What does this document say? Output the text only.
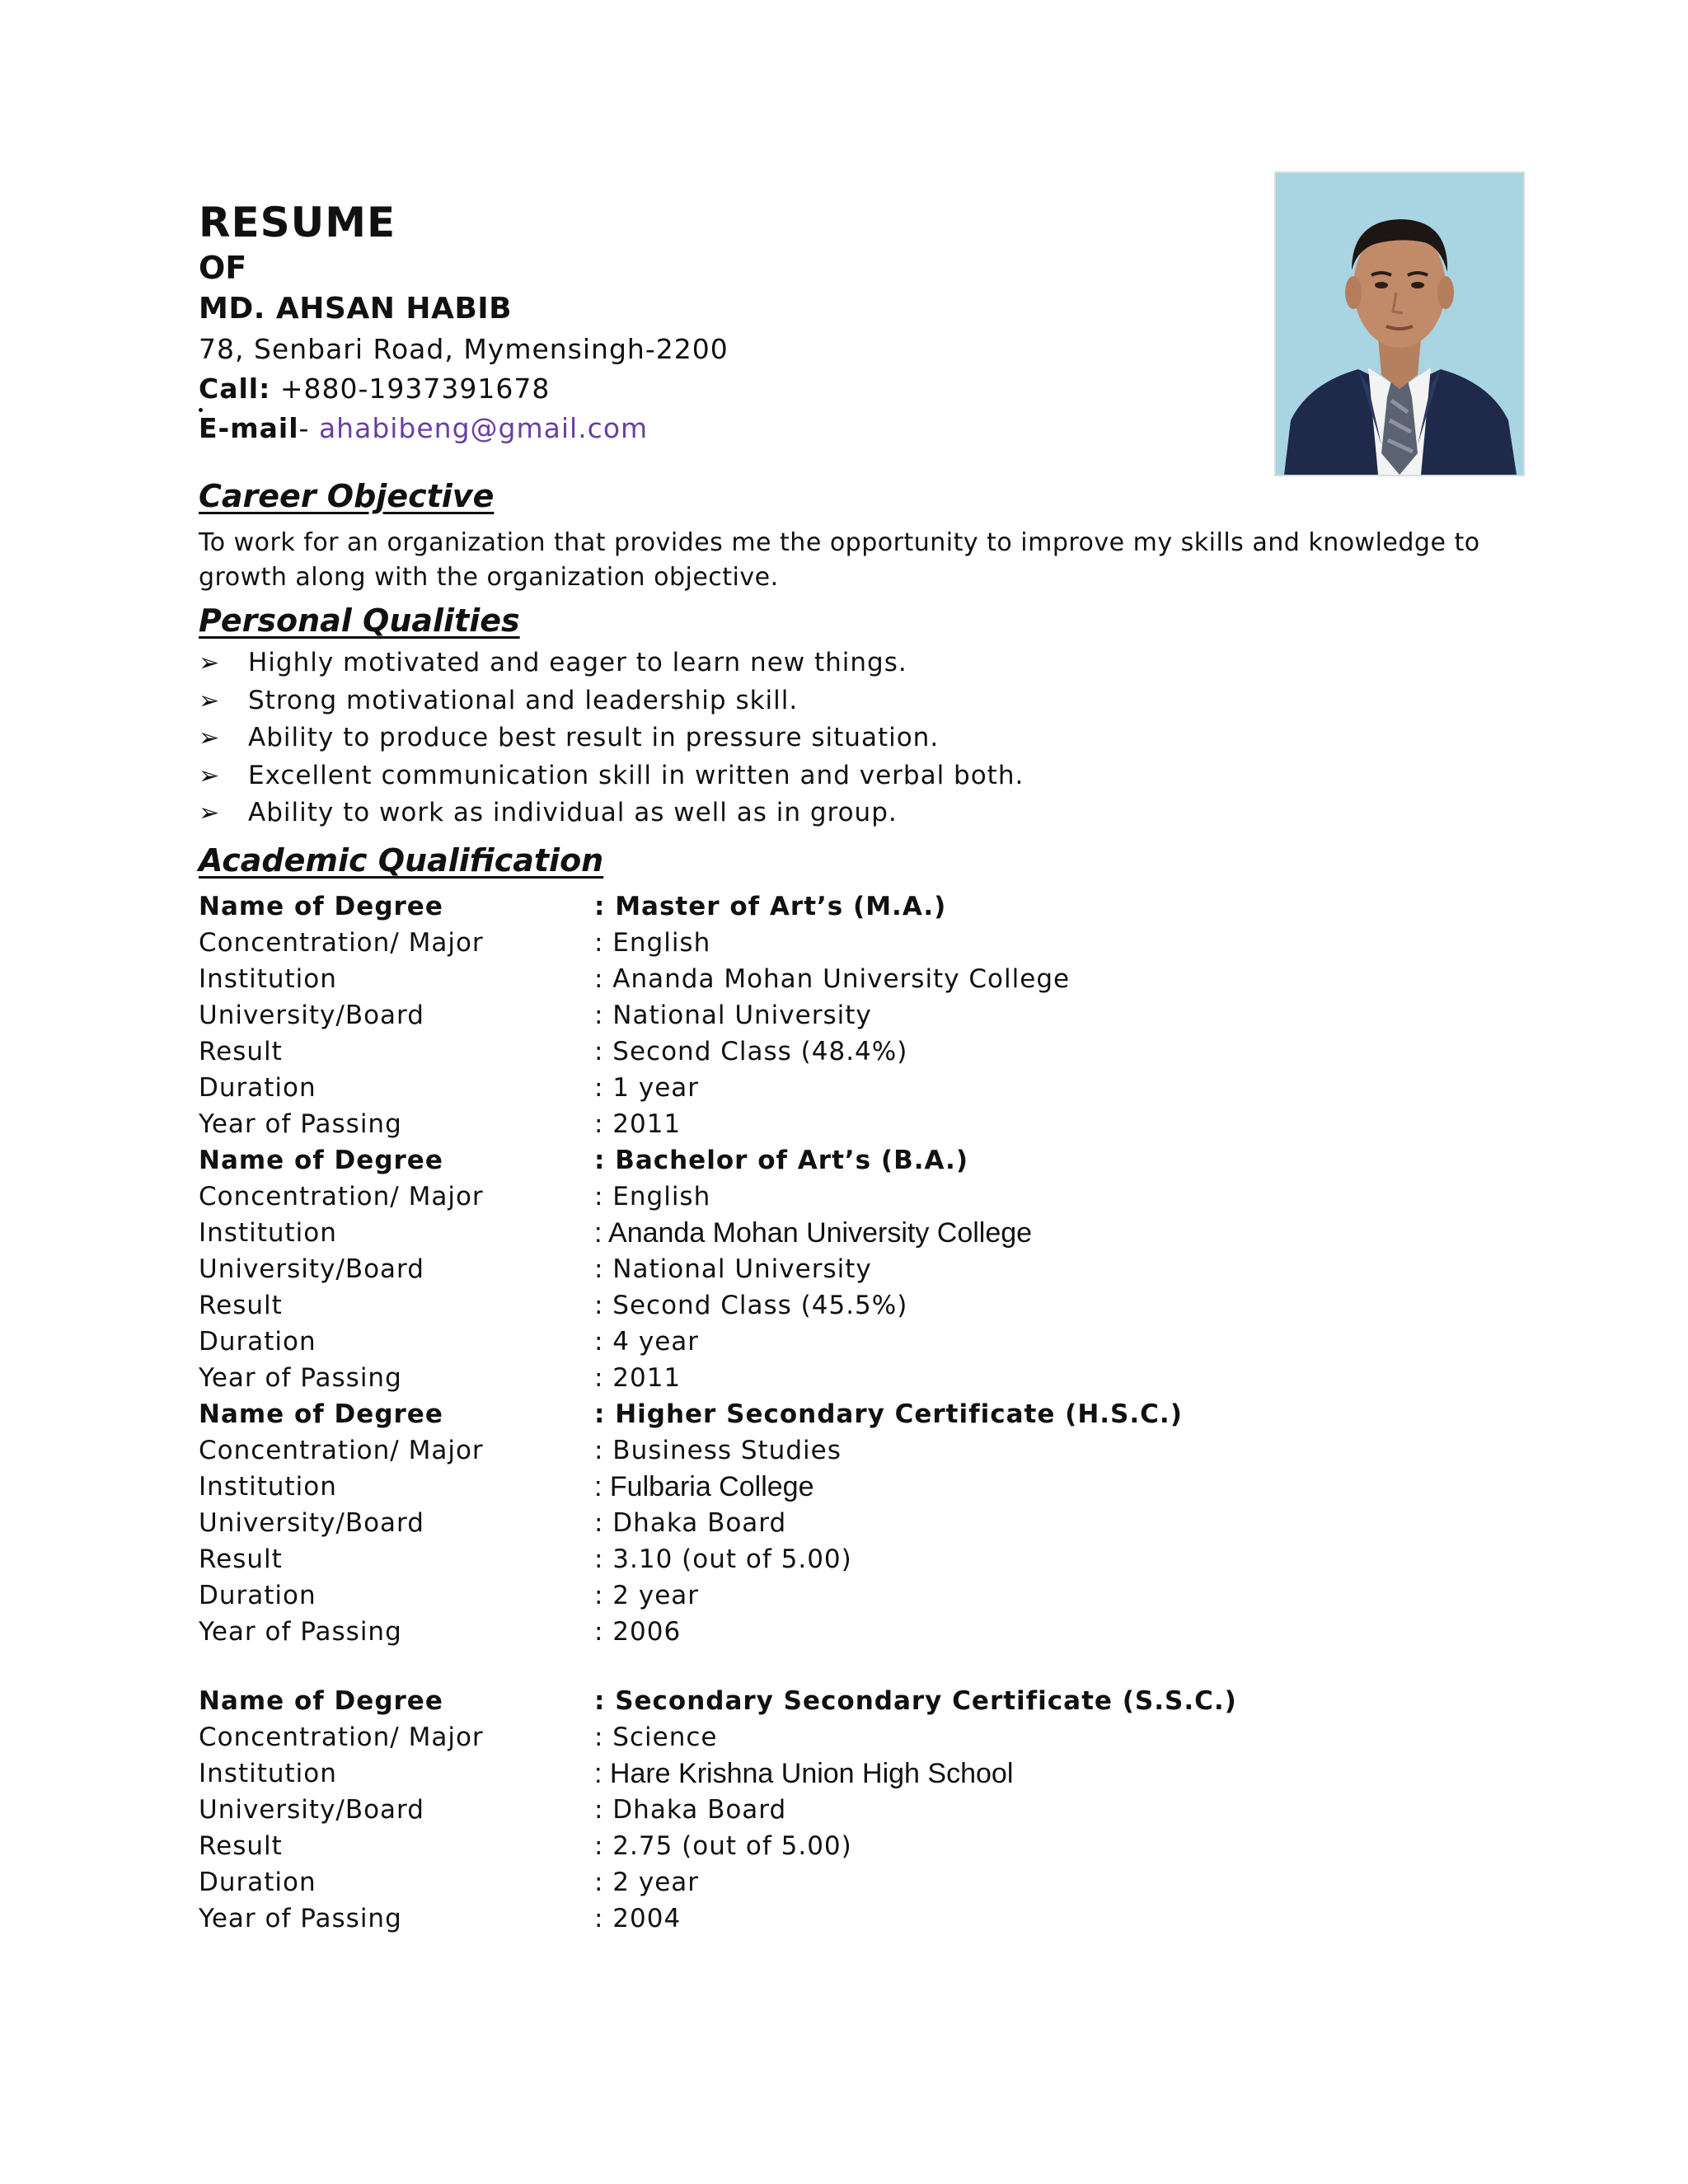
RESUME
OF
MD. AHSAN HABIB
78, Senbari Road, Mymensingh-2200
Call: +880-1937391678
E-mail- ahabibeng@gmail.com
Career Objective
To work for an organization that provides me the opportunity to improve my skills and knowledge to growth along with the organization objective.
Personal Qualities
➢	Highly motivated and eager to learn new things.
➢	Strong motivational and leadership skill.
➢	Ability to produce best result in pressure situation.
➢	Excellent communication skill in written and verbal both.
➢	Ability to work as individual as well as in group.
Academic Qualification
Name of Degree	: Master of Art’s (M.A.)
Concentration/ Major	: English
Institution	: Ananda Mohan University College
University/Board	: National University
Result	: Second Class (48.4%)
Duration	: 1 year
Year of Passing	: 2011
Name of Degree	: Bachelor of Art’s (B.A.)
Concentration/ Major	: English
Institution	: Ananda Mohan University College
University/Board	: National University
Result	: Second Class (45.5%)
Duration	: 4 year
Year of Passing	: 2011
Name of Degree	: Higher Secondary Certificate (H.S.C.)
Concentration/ Major	: Business Studies
Institution	: Fulbaria College
University/Board	: Dhaka Board
Result	: 3.10 (out of 5.00)
Duration	: 2 year
Year of Passing	: 2006
Name of Degree	: Secondary Secondary Certificate (S.S.C.)
Concentration/ Major	: Science
Institution	: Hare Krishna Union High School
University/Board	: Dhaka Board
Result	: 2.75 (out of 5.00)
Duration	: 2 year
Year of Passing	: 2004
